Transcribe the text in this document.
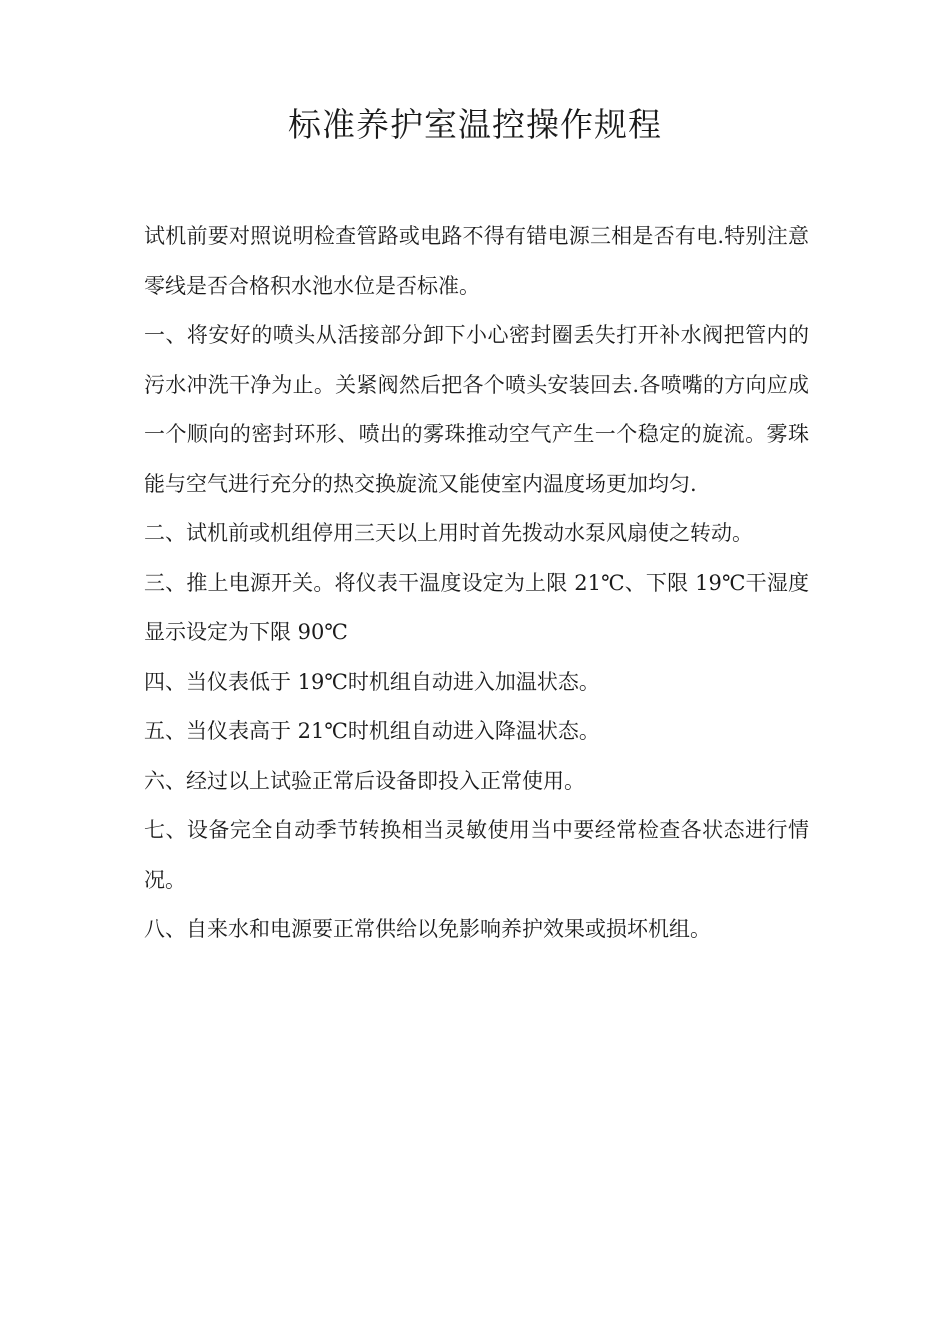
标准养护室温控操作规程

试机前要对照说明检查管路或电路不得有错电源三相是否有电.特别注意零线是否合格积水池水位是否标准。

一、将安好的喷头从活接部分卸下小心密封圈丢失打开补水阀把管内的污水冲洗干净为止。关紧阀然后把各个喷头安装回去.各喷嘴的方向应成一个顺向的密封环形、喷出的雾珠推动空气产生一个稳定的旋流。雾珠能与空气进行充分的热交换旋流又能使室内温度场更加均匀.

二、试机前或机组停用三天以上用时首先拨动水泵风扇使之转动。

三、推上电源开关。将仪表干温度设定为上限 21℃、下限 19℃干湿度显示设定为下限 90℃

四、当仪表低于 19℃时机组自动进入加温状态。

五、当仪表高于 21℃时机组自动进入降温状态。

六、经过以上试验正常后设备即投入正常使用。

七、设备完全自动季节转换相当灵敏使用当中要经常检查各状态进行情况。

八、自来水和电源要正常供给以免影响养护效果或损坏机组。
